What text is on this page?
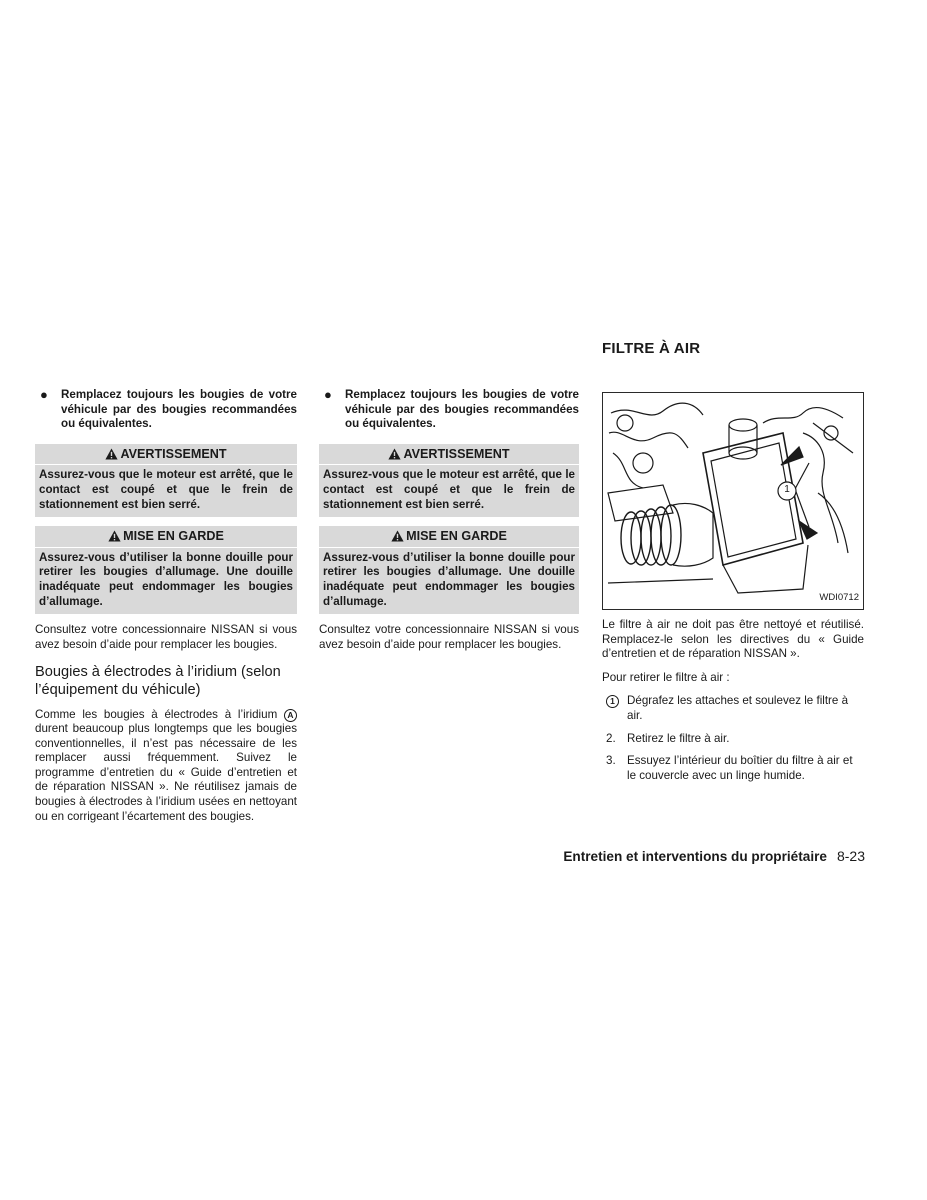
FILTRE À AIR
● Remplacez toujours les bougies de votre véhicule par des bougies recommandées ou équivalentes.
AVERTISSEMENT
Assurez-vous que le moteur est arrêté, que le contact est coupé et que le frein de stationnement est bien serré.
MISE EN GARDE
Assurez-vous d’utiliser la bonne douille pour retirer les bougies d’allumage. Une douille inadéquate peut endommager les bougies d’allumage.

Consultez votre concessionnaire NISSAN si vous avez besoin d’aide pour remplacer les bougies.

Bougies à électrodes à l’iridium (selon l’équipement du véhicule)

Comme les bougies à électrodes à l’iridium A durent beaucoup plus longtemps que les bougies conventionnelles, il n’est pas nécessaire de les remplacer aussi fréquemment. Suivez le programme d’entretien du « Guide d’entretien et de réparation NISSAN ». Ne réutilisez jamais de bougies à électrodes à l’iridium usées en nettoyant ou en corrigeant l’écartement des bougies.

● Remplacez toujours les bougies de votre véhicule par des bougies recommandées ou équivalentes.
AVERTISSEMENT
Assurez-vous que le moteur est arrêté, que le contact est coupé et que le frein de stationnement est bien serré.
MISE EN GARDE
Assurez-vous d’utiliser la bonne douille pour retirer les bougies d’allumage. Une douille inadéquate peut endommager les bougies d’allumage.

Consultez votre concessionnaire NISSAN si vous avez besoin d’aide pour remplacer les bougies.

1
WDI0712

Le filtre à air ne doit pas être nettoyé et réutilisé. Remplacez-le selon les directives du « Guide d’entretien et de réparation NISSAN ».

Pour retirer le filtre à air :

1	Dégrafez les attaches et soulevez le filtre à air.
2. Retirez le filtre à air.
3. Essuyez l’intérieur du boîtier du filtre à air et le couvercle avec un linge humide.
Entretien et interventions du propriétaire 8-23
